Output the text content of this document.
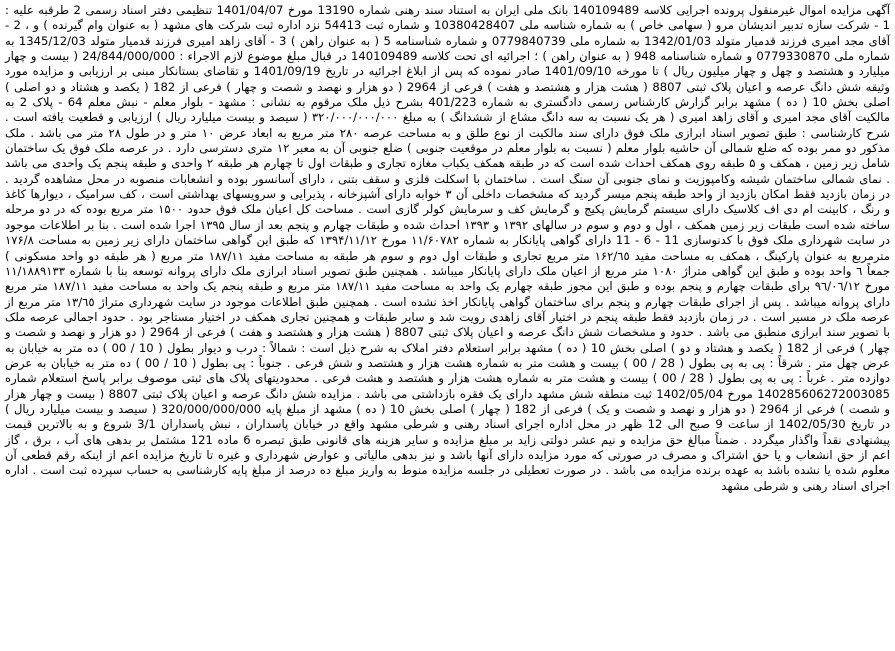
آگهی مزایده اموال غیرمنقول پرونده اجرایی کلاسه 140109489 بانک ملی ایران به استناد سند رهنی شماره 13190 مورخ 1401/04/07 تنظیمی دفتر اسناد رسمی 2 طرقبه علیه : 1 - شرکت سازه تدبیر اندیشان مرو ( سهامی خاص ) به شماره شناسه ملی 10380428407 و شماره ثبت 54413 نزد اداره ثبت شرکت های مشهد ( به عنوان وام گیرنده ) و ، 2 - آقای مجد امیری فرزند قدمیار متولد 1342/01/03 به شماره ملی 0779840739 و شماره شناسنامه 5 ( به عنوان راهن ) 3 - آقای زاهد امیری فرزند قدمیار متولد 1345/12/03 به شماره ملی 0779330870 و شماره شناسنامه 948 ( به عنوان راهن ) ؛ اجرائیه ای تحت کلاسه 140109489 در قبال مبلغ موضوع لازم الاجراء : 24/844/000/000 ( بیست و چهار میلیارد و هشتصد و چهل و چهار میلیون ریال ) تا مورخه 1401/09/10 صادر نموده که پس از ابلاغ اجرائیه در تاریخ 1401/09/19 و تقاضای بستانکار مبنی بر ارزیابی و مزایده مورد وثیقه شش دانگ عرصه و اعیان پلاک ثبتی 8807 ( هشت هزار و هشتصد و هفت ) فرعی از 2964 ( دو هزار و نهصد و شصت و چهار ) فرعی از 182 ( یکصد و هشتاد و دو اصلی ) اصلی بخش 10 ( ده ) مشهد برابر گزارش کارشناس رسمی دادگستری به شماره 401/223 بشرح ذیل ملک مرقوم به نشانی : مشهد - بلوار معلم - نبش معلم 64 - پلاک 2 به مالکیت آقای مجد امیری و آقای زاهد امیری ( هر یک نسبت به سه دانگ مشاع از ششدانگ ) به مبلغ ۳۲۰/۰۰۰/۰۰۰/۰۰۰ ( سیصد و بیست میلیارد ریال ) ارزیابی و قطعیت یافته است . شرح کارشناسی : طبق تصویر اسناد ابرازی ملک فوق دارای سند مالکیت از نوع طلق و به مساحت عرصه ۲۸۰ متر مربع به ابعاد عرض ۱۰ متر و در طول ۲۸ متر می باشد . ملک مذکور دو ممر بوده که ضلع شمالی آن حاشیه بلوار معلم ( نسبت به بلوار معلم در موقعیت جنوبی ) ضلع جنوبی آن به معبر ۱۲ متری دسترسی دارد . در عرصه ملک فوق یک ساختمان شامل زیر زمین ، همکف و ۵ طبقه روی همکف احداث شده است که در طبقه همکف یکباب مغازه تجاری و طبقات اول تا چهارم هر طبقه ۲ واحدی و طبقه پنجم یک واحدی می باشد . نمای شمالی ساختمان شیشه وکامپوزیت و نمای جنوبی آن سنگ است . ساختمان با اسکلت فلزی و سقف بتنی ، دارای آسانسور بوده و انشعابات منصوبه در محل مشاهده گردید . در زمان بازدید فقط امکان بازدید از واحد طبقه پنجم میسر گردید که مشخصات داخلی آن ۳ خوابه دارای آشپزخانه ، پذیرایی و سرویسهای بهداشتی است ، کف سرامیک ، دیوارها کاغذ و رنگ ، کابینت ام دی اف کلاسیک دارای سیستم گرمایش پکیج و گرمایش کف و سرمایش کولر گازی است . مساحت کل اعیان ملک فوق حدود ۱۵۰۰ متر مربع بوده که در دو مرحله ساخته شده است طبقات زیر زمین همکف ، اول و دوم و سوم در سالهای ۱۳۹۲ و ۱۳۹۳ احداث شده و طبقات چهارم و پنجم بعد از سال ۱۳۹۵ اجرا شده است . بنا بر اطلاعات موجود در سایت شهرداری ملک فوق با کدنوسازی 11 - 6 - 11 دارای گواهی پایانکار به شماره ۱۱/۶۰۷۸۲ مورخ ۱۳۹۴/۱۱/۱۲ که طبق این گواهی ساختمان دارای زیر زمین به مساحت ۱۷۶/۸ مترمربع به عنوان پارکینگ ، همکف به مساحت مفید ۱۶۲/٦٥ متر مربع تجاری و طبقات اول دوم و سوم هر طبقه به مساحت مفید ۱۸۷/۱۱ متر مربع ( هر طبقه دو واحد مسکونی ) جمعاً ٦ واحد بوده و طبق این گواهی متراژ ۱۰۸۰ متر مربع از اعیان ملک دارای پایانکار میباشد . همچنین طبق تصویر اسناد ابرازی ملک دارای پروانه توسعه بنا با شماره ۱۱/۱۸۸۹۱۳۳ مورخ ۹٦/۰٦/۱۲ برای طبقات چهارم و پنجم بوده و طبق این مجوز طبقه چهارم یک واحد به مساحت مفید ۱۸۷/۱۱ متر مربع و طبقه پنجم یک واحد به مساحت مفید ۱۸۷/۱۱ متر مربع دارای پروانه میباشد . پس از اجرای طبقات چهارم و پنجم برای ساختمان گواهی پایانکار اخذ نشده است . همچنین طبق اطلاعات موجود در سایت شهرداری متراژ ۱۳/٦٥ متر مربع از عرصه ملک در مسیر است . در زمان بازدید فقط طبقه پنجم در اختیار آقای زاهدی رویت شد و سایر طبقات و همچنین تجاری همکف در اختیار مستاجر بود . حدود اجمالی عرصه ملک با تصویر سند ابرازی منطبق می باشد . حدود و مشخصات شش دانگ عرصه و اعیان پلاک ثبتی 8807 ( هشت هزار و هشتصد و هفت ) فرعی از 2964 ( دو هزار و نهصد و شصت و چهار ) فرعی از 182 ( یکصد و هشتاد و دو ) اصلی بخش 10 ( ده ) مشهد برابر استعلام دفتر املاک به شرح ذیل است : شمالاً : درب و دیوار بطول ( 10 / 00 ) ده متر به خیابان به عرض چهل متر . شرقاً : پی به پی بطول ( 28 / 00 ) بیست و هشت متر به شماره هشت هزار و هشتصد و شش فرعی . جنوباً : پی بطول ( 10 / 00 ) ده متر به خیابان به عرض دوازده متر . غرباً : پی به پی بطول ( 28 / 00 ) بیست و هشت متر به شماره هشت هزار و هشتصد و هشت فرعی . محدودیتهای پلاک های ثبتی موصوف برابر پاسخ استعلام شماره 140285606272003085 مورخ 1402/05/04 ثبت منطقه شش مشهد دارای یک فقره بازداشتی می باشد . مزایده شش دانگ عرصه و اعیان پلاک ثبتی 8807 ( بیست و چهار هزار و شصت ) فرعی از 2964 ( دو هزار و نهصد و شصت و یک ) فرعی از 182 ( چهار ) اصلی بخش 10 ( ده ) مشهد از مبلغ پایه 320/000/000/000 ( سیصد و بیست میلیارد ریال ) در تاریخ 1402/05/30 از ساعت 9 صبح الی 12 ظهر در محل اداره اجرای اسناد رهنی و شرطی مشهد واقع در خیابان پاسداران ، نبش پاسداران 3/1 شروع و به بالاترین قیمت پیشنهادی نقداً واگذار میگردد . ضمناً مبالغ حق مزایده و نیم عشر دولتی زاید بر مبلغ مزایده و سایر هزینه های قانونی طبق تبصره 6 ماده 121 مشتمل بر بدهی های آب ، برق ، گاز اعم از حق انشعاب و یا حق اشتراک و مصرف در صورتی که مورد مزایده دارای آنها باشد و نیز بدهی مالیاتی و عوارض شهرداری و غیره تا تاریخ مزایده اعم از اینکه رقم قطعی آن معلوم شده یا نشده باشد به عهده برنده مزایده می باشد . در صورت تعطیلی در جلسه مزایده منوط به واریز مبلغ ده درصد از مبلغ پایه کارشناسی به حساب سپرده ثبت است . اداره اجرای اسناد رهنی و شرطی مشهد
